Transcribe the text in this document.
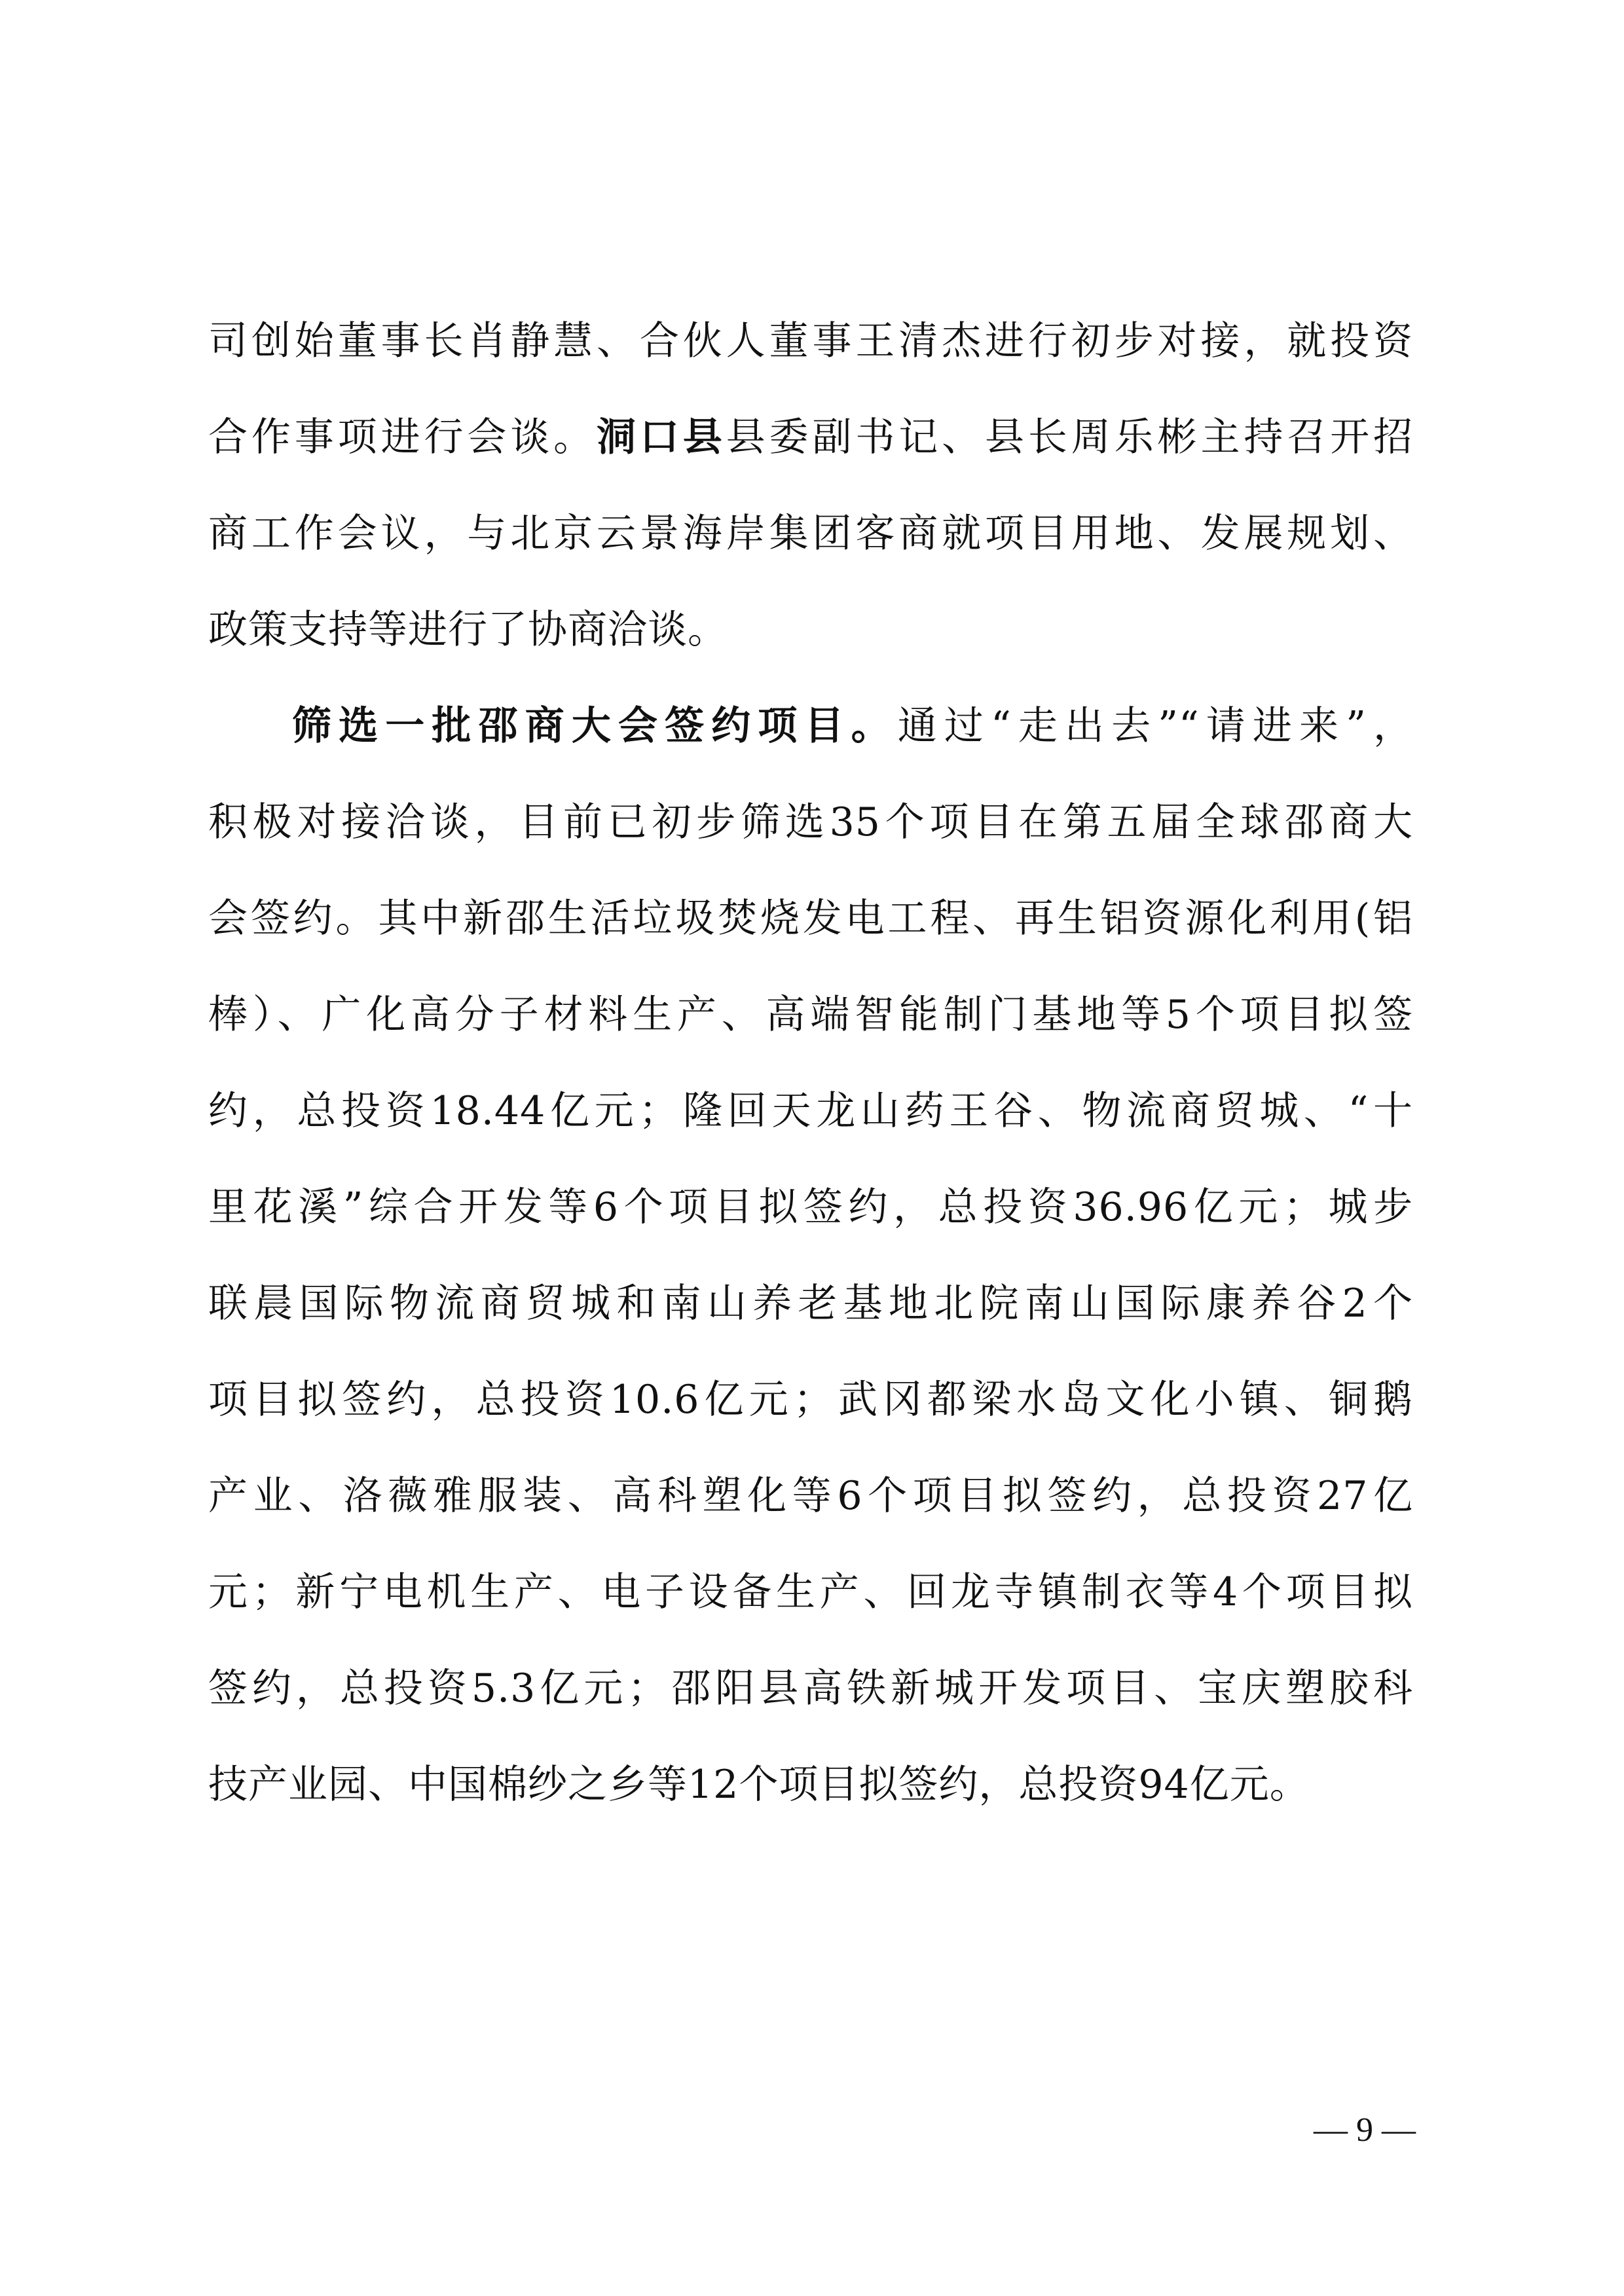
司创始董事长肖静慧、合伙人董事王清杰进行初步对接，就投资
合作事项进行会谈。洞口县县委副书记、县长周乐彬主持召开招
商工作会议，与北京云景海岸集团客商就项目用地、发展规划、
政策支持等进行了协商洽谈。
筛选一批邵商大会签约项目。通过“走出去”“请进来”，
积极对接洽谈，目前已初步筛选35个项目在第五届全球邵商大
会签约。其中新邵生活垃圾焚烧发电工程、再生铝资源化利用(铝
棒）、广化高分子材料生产、高端智能制门基地等5个项目拟签
约，总投资18.44亿元；隆回天龙山药王谷、物流商贸城、“十
里花溪”综合开发等6个项目拟签约，总投资36.96亿元；城步
联晨国际物流商贸城和南山养老基地北院南山国际康养谷2个
项目拟签约，总投资10.6亿元；武冈都梁水岛文化小镇、铜鹅
产业、洛薇雅服装、高科塑化等6个项目拟签约，总投资27亿
元；新宁电机生产、电子设备生产、回龙寺镇制衣等4个项目拟
签约，总投资5.3亿元；邵阳县高铁新城开发项目、宝庆塑胶科
技产业园、中国棉纱之乡等12个项目拟签约，总投资94亿元。
— 9 —
